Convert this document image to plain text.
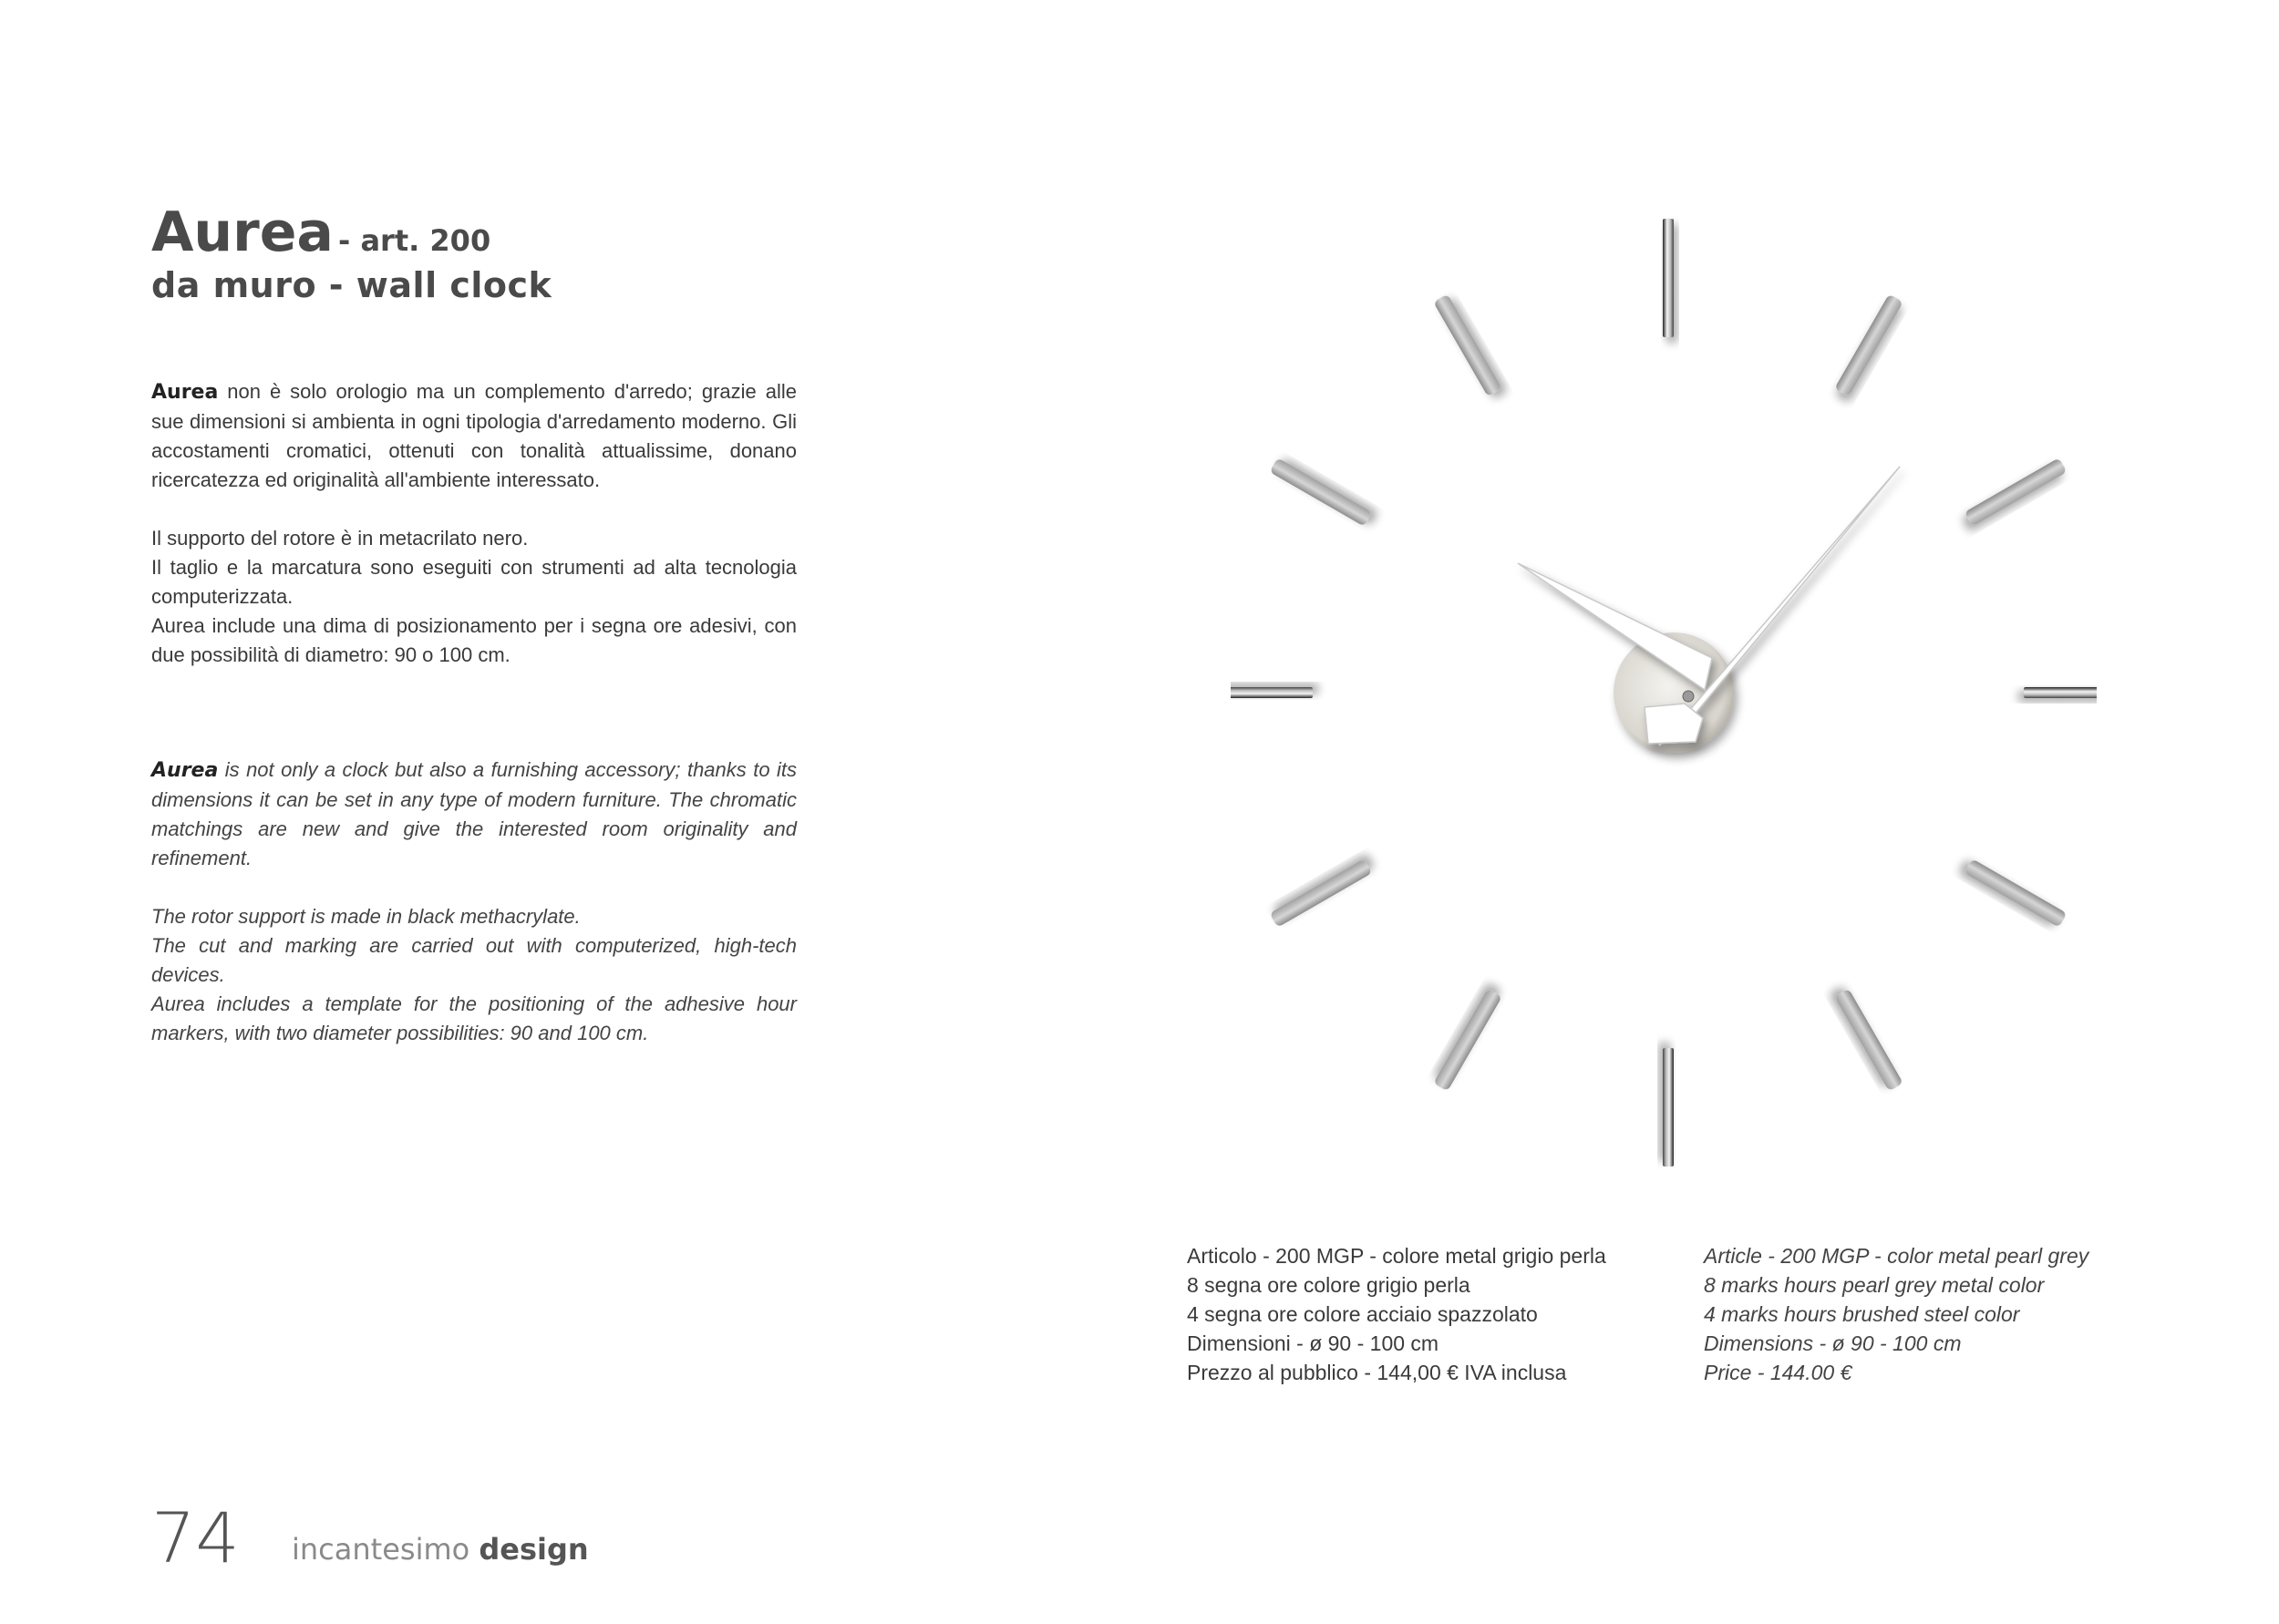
Aurea - art. 200
da muro - wall clock

Aurea non è solo orologio ma un complemento d'arredo; grazie alle sue dimensioni si ambienta in ogni tipologia d'arredamento moderno. Gli accostamenti cromatici, ottenuti con tonalità attualissime, donano ricercatezza ed originalità all'ambiente interessato.

Il supporto del rotore è in metacrilato nero.

Il taglio e la marcatura sono eseguiti con strumenti ad alta tecnologia computerizzata.

Aurea include una dima di posizionamento per i segna ore adesivi, con due possibilità di diametro: 90 o 100 cm.

Aurea is not only a clock but also a furnishing accessory; thanks to its dimensions it can be set in any type of modern furniture. The chromatic matchings are new and give the interested room originality and refinement.

The rotor support is made in black methacrylate.

The cut and marking are carried out with computerized, high-tech devices.

Aurea includes a template for the positioning of the adhesive hour markers, with two diameter possibilities: 90 and 100 cm.

Articolo - 200 MGP - colore metal grigio perla
8 segna ore colore grigio perla
4 segna ore colore acciaio spazzolato
Dimensioni - ø 90 - 100 cm
Prezzo al pubblico - 144,00 € IVA inclusa
Article - 200 MGP - color metal pearl grey
8 marks hours pearl grey metal color
4 marks hours brushed steel color
Dimensions - ø 90 - 100 cm
Price - 144.00 €
74 incantesimo design
